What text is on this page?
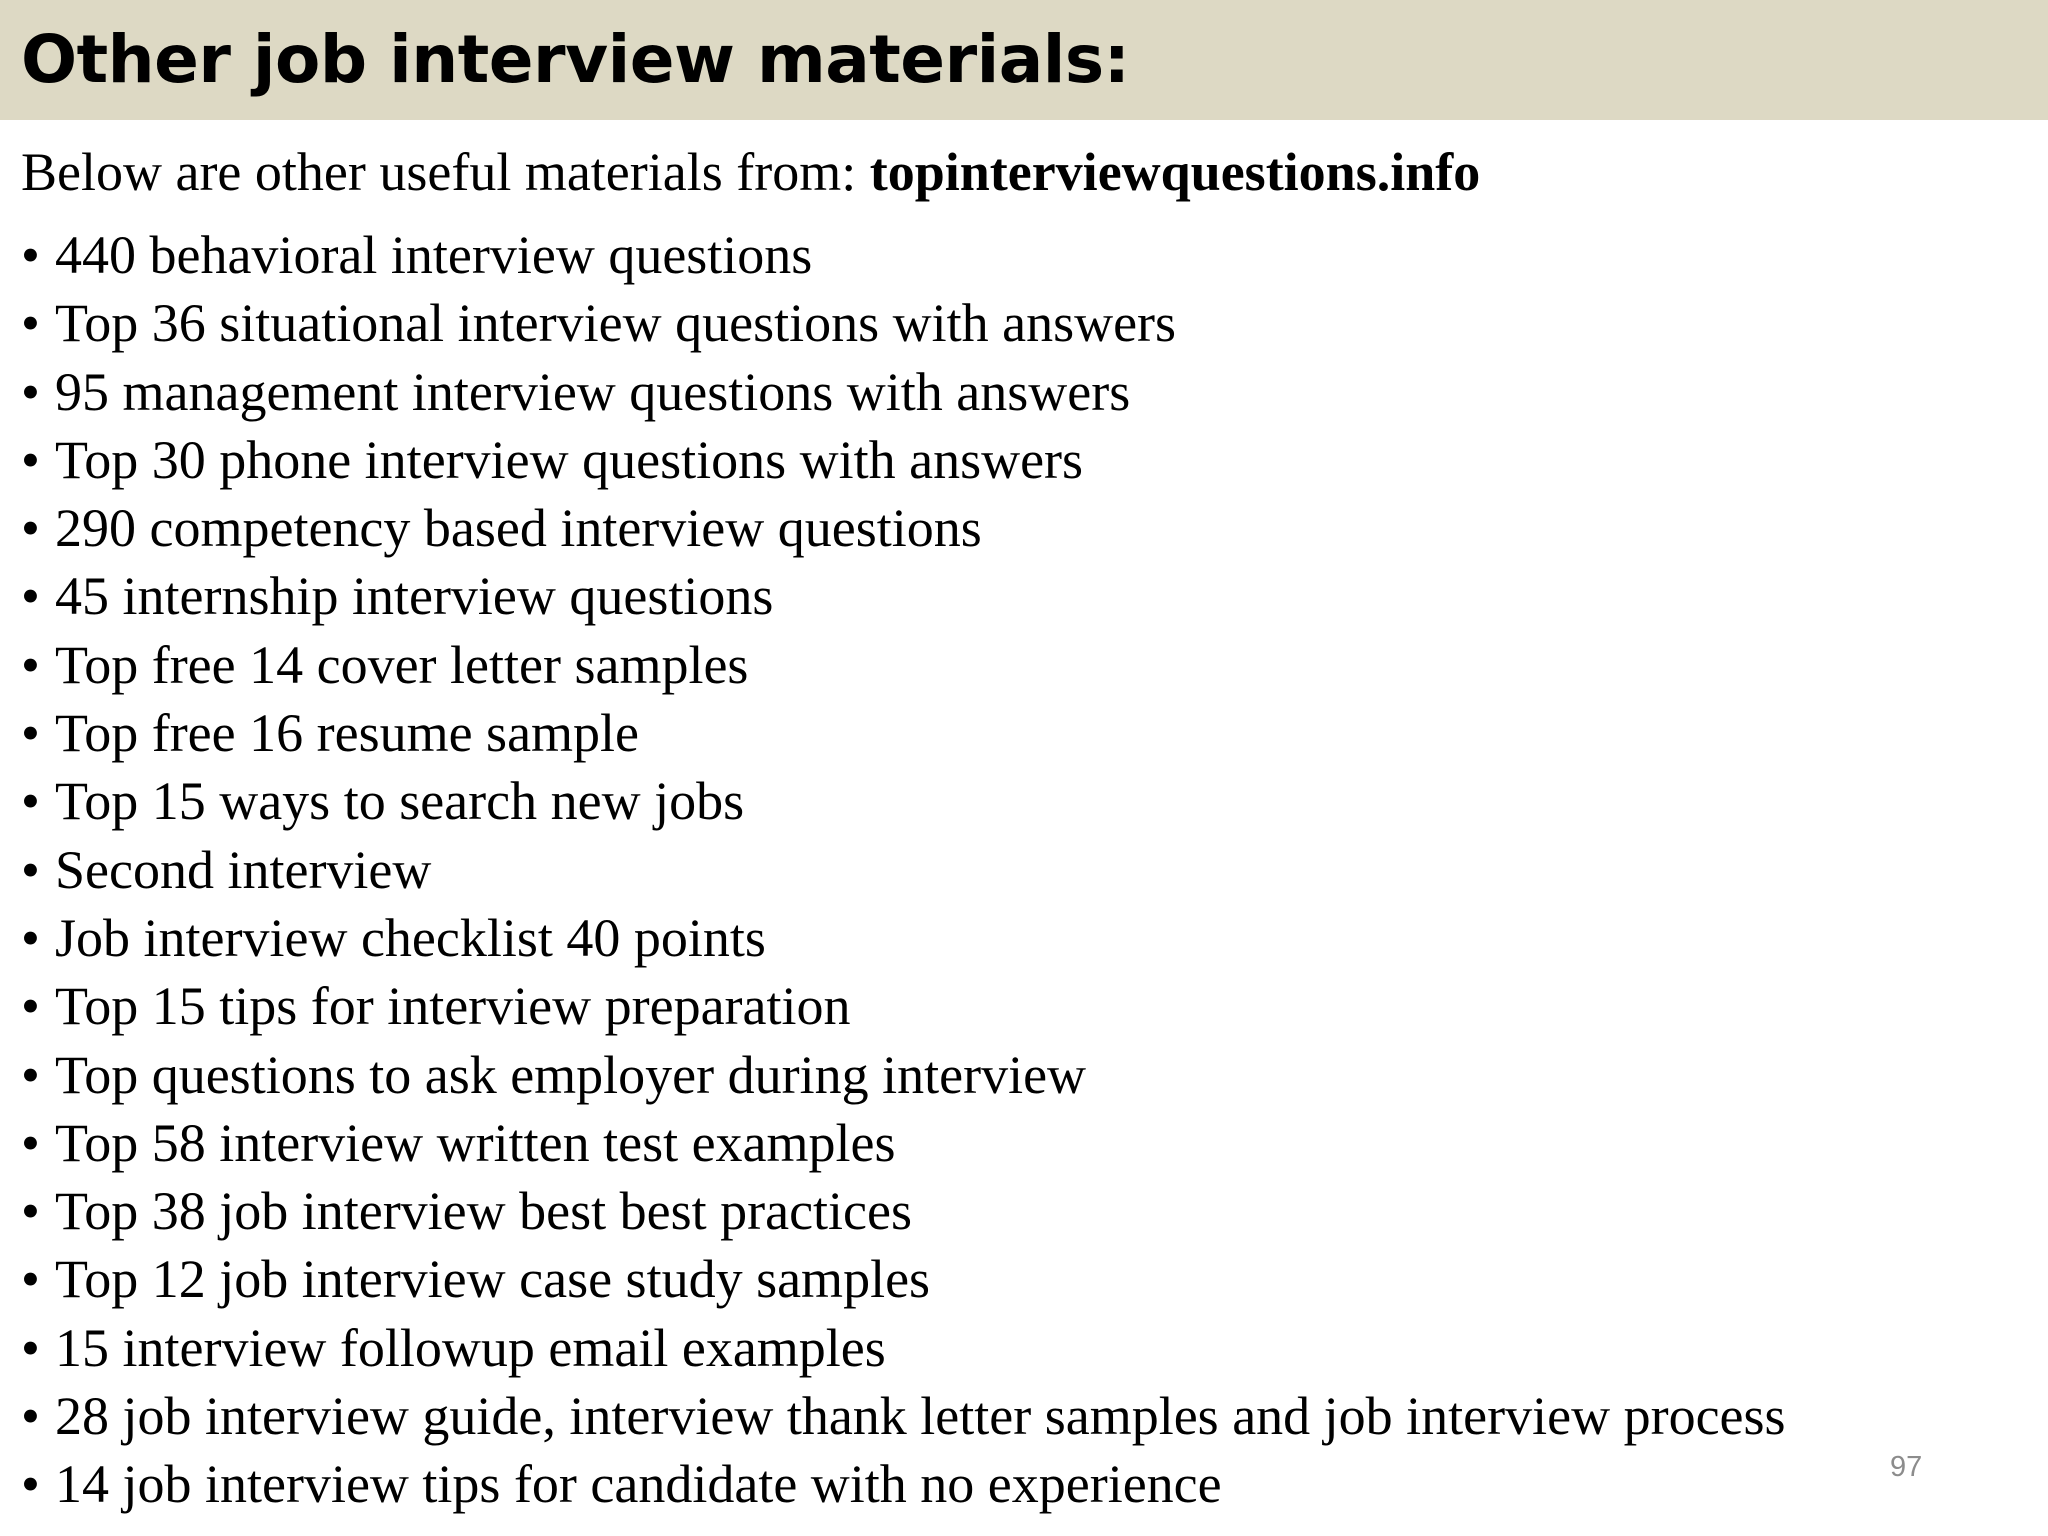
Other job interview materials:
Below are other useful materials from: topinterviewquestions.info
• 440 behavioral interview questions
• Top 36 situational interview questions with answers
• 95 management interview questions with answers
• Top 30 phone interview questions with answers
• 290 competency based interview questions
• 45 internship interview questions
• Top free 14 cover letter samples
• Top free 16 resume sample
• Top 15 ways to search new jobs
• Second interview
• Job interview checklist 40 points
• Top 15 tips for interview preparation
• Top questions to ask employer during interview
• Top 58 interview written test examples
• Top 38 job interview best best practices
• Top 12 job interview case study samples
• 15 interview followup email examples
• 28 job interview guide, interview thank letter samples and job interview process
• 14 job interview tips for candidate with no experience	97
